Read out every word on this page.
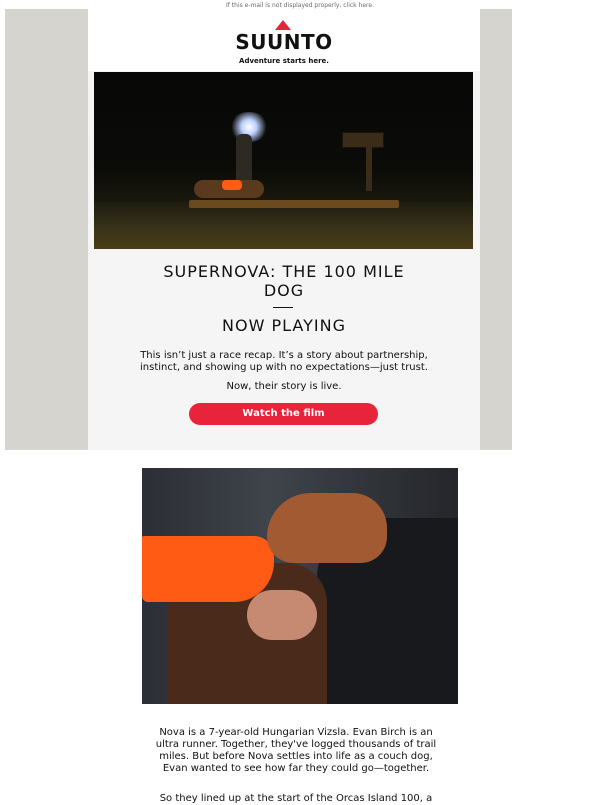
If this e-mail is not displayed properly, click here.
SUUNTO
Adventure starts here.
SUPERNOVA: THE 100 MILE
DOG
NOW PLAYING
This isn’t just a race recap. It’s a story about partnership, instinct, and showing up with no expectations—just trust.
Now, their story is live.
Watch the film
Nova is a 7-year-old Hungarian Vizsla. Evan Birch is an ultra runner. Together, they've logged thousands of trail miles. But before Nova settles into life as a couch dog, Evan wanted to see how far they could go—together.
So they lined up at the start of the Orcas Island 100, a
